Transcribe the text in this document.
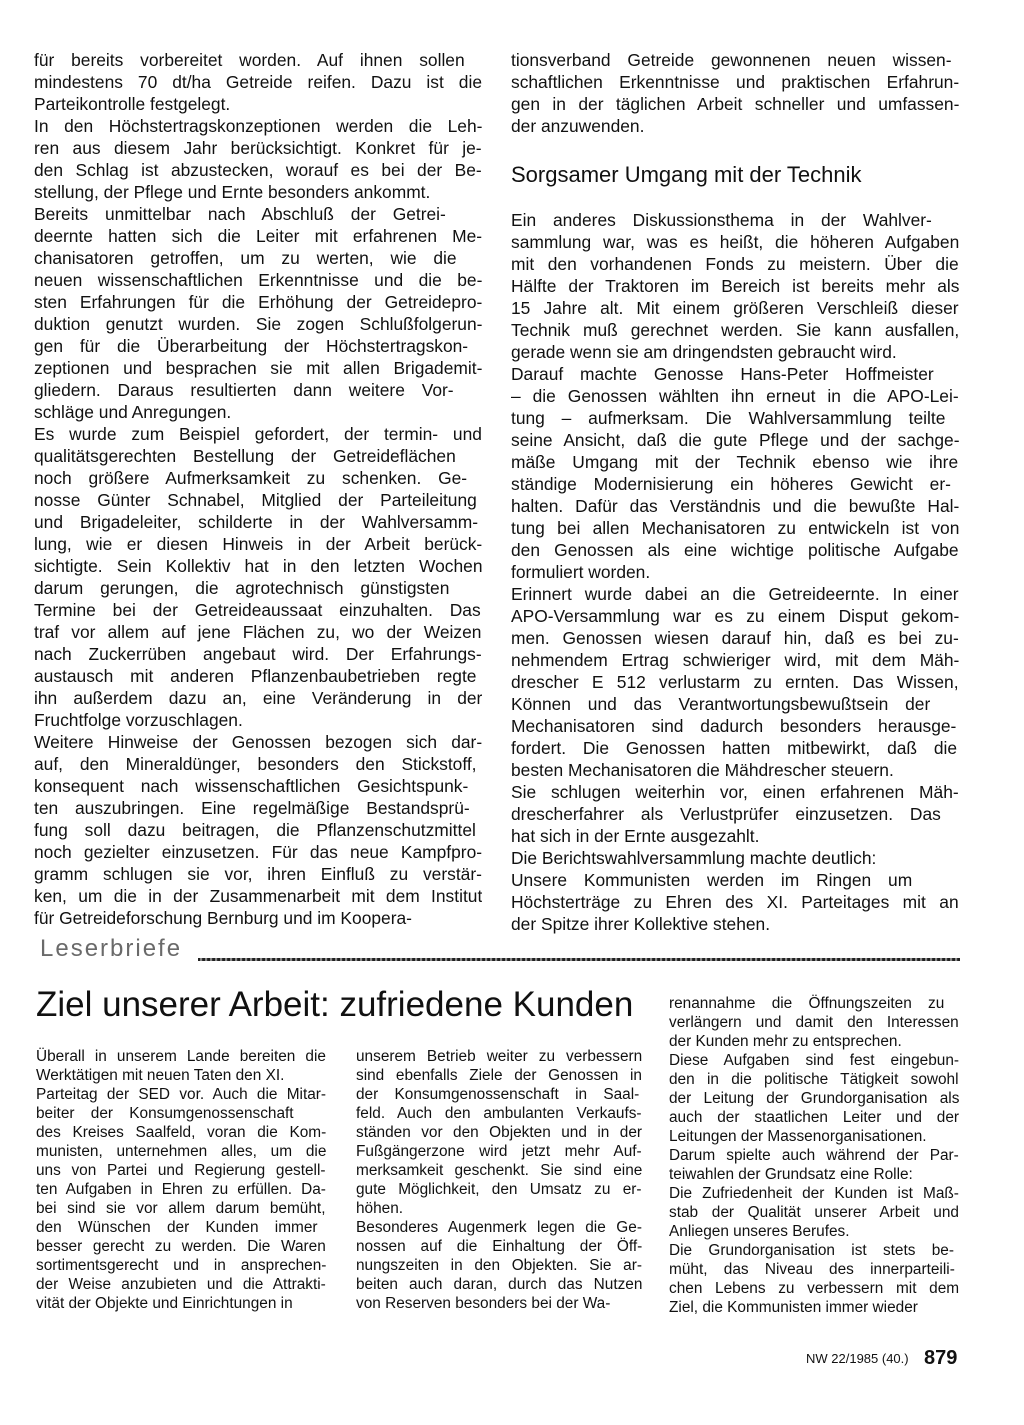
für bereits vorbereitet worden. Auf ihnen sollen
mindestens 70 dt/ha Getreide reifen. Dazu ist die
Parteikontrolle festgelegt.
In den Höchstertragskonzeptionen werden die Leh-
ren aus diesem Jahr berücksichtigt. Konkret für je-
den Schlag ist abzustecken, worauf es bei der Be-
stellung, der Pflege und Ernte besonders ankommt.
Bereits unmittelbar nach Abschluß der Getrei-
deernte hatten sich die Leiter mit erfahrenen Me-
chanisatoren getroffen, um zu werten, wie die
neuen wissenschaftlichen Erkenntnisse und die be-
sten Erfahrungen für die Erhöhung der Getreidepro-
duktion genutzt wurden. Sie zogen Schlußfolgerun-
gen für die Überarbeitung der Höchstertragskon-
zeptionen und besprachen sie mit allen Brigademit-
gliedern. Daraus resultierten dann weitere Vor-
schläge und Anregungen.
Es wurde zum Beispiel gefordert, der termin- und
qualitätsgerechten Bestellung der Getreideflächen
noch größere Aufmerksamkeit zu schenken. Ge-
nosse Günter Schnabel, Mitglied der Parteileitung
und Brigadeleiter, schilderte in der Wahlversamm-
lung, wie er diesen Hinweis in der Arbeit berück-
sichtigte. Sein Kollektiv hat in den letzten Wochen
darum gerungen, die agrotechnisch günstigsten
Termine bei der Getreideaussaat einzuhalten. Das
traf vor allem auf jene Flächen zu, wo der Weizen
nach Zuckerrüben angebaut wird. Der Erfahrungs-
austausch mit anderen Pflanzenbaubetrieben regte
ihn außerdem dazu an, eine Veränderung in der
Fruchtfolge vorzuschlagen.
Weitere Hinweise der Genossen bezogen sich dar-
auf, den Mineraldünger, besonders den Stickstoff,
konsequent nach wissenschaftlichen Gesichtspunk-
ten auszubringen. Eine regelmäßige Bestandsprü-
fung soll dazu beitragen, die Pflanzenschutzmittel
noch gezielter einzusetzen. Für das neue Kampfpro-
gramm schlugen sie vor, ihren Einfluß zu verstär-
ken, um die in der Zusammenarbeit mit dem Institut
für Getreideforschung Bernburg und im Koopera-
tionsverband Getreide gewonnenen neuen wissen-
schaftlichen Erkenntnisse und praktischen Erfahrun-
gen in der täglichen Arbeit schneller und umfassen-
der anzuwenden.
Sorgsamer Umgang mit der Technik
Ein anderes Diskussionsthema in der Wahlver-
sammlung war, was es heißt, die höheren Aufgaben
mit den vorhandenen Fonds zu meistern. Über die
Hälfte der Traktoren im Bereich ist bereits mehr als
15 Jahre alt. Mit einem größeren Verschleiß dieser
Technik muß gerechnet werden. Sie kann ausfallen,
gerade wenn sie am dringendsten gebraucht wird.
Darauf machte Genosse Hans-Peter Hoffmeister
– die Genossen wählten ihn erneut in die APO-Lei-
tung – aufmerksam. Die Wahlversammlung teilte
seine Ansicht, daß die gute Pflege und der sachge-
mäße Umgang mit der Technik ebenso wie ihre
ständige Modernisierung ein höheres Gewicht er-
halten. Dafür das Verständnis und die bewußte Hal-
tung bei allen Mechanisatoren zu entwickeln ist von
den Genossen als eine wichtige politische Aufgabe
formuliert worden.
Erinnert wurde dabei an die Getreideernte. In einer
APO-Versammlung war es zu einem Disput gekom-
men. Genossen wiesen darauf hin, daß es bei zu-
nehmendem Ertrag schwieriger wird, mit dem Mäh-
drescher E 512 verlustarm zu ernten. Das Wissen,
Können und das Verantwortungsbewußtsein der
Mechanisatoren sind dadurch besonders herausge-
fordert. Die Genossen hatten mitbewirkt, daß die
besten Mechanisatoren die Mähdrescher steuern.
Sie schlugen weiterhin vor, einen erfahrenen Mäh-
drescherfahrer als Verlustprüfer einzusetzen. Das
hat sich in der Ernte ausgezahlt.
Die Berichtswahlversammlung machte deutlich:
Unsere Kommunisten werden im Ringen um
Höchsterträge zu Ehren des XI. Parteitages mit an
der Spitze ihrer Kollektive stehen.
Leserbriefe
Ziel unserer Arbeit: zufriedene Kunden
Überall in unserem Lande bereiten die
Werktätigen mit neuen Taten den XI.
Parteitag der SED vor. Auch die Mitar-
beiter der Konsumgenossenschaft
des Kreises Saalfeld, voran die Kom-
munisten, unternehmen alles, um die
uns von Partei und Regierung gestell-
ten Aufgaben in Ehren zu erfüllen. Da-
bei sind sie vor allem darum bemüht,
den Wünschen der Kunden immer
besser gerecht zu werden. Die Waren
sortimentsgerecht und in ansprechen-
der Weise anzubieten und die Attrakti-
vität der Objekte und Einrichtungen in
unserem Betrieb weiter zu verbessern
sind ebenfalls Ziele der Genossen in
der Konsumgenossenschaft in Saal-
feld. Auch den ambulanten Verkaufs-
ständen vor den Objekten und in der
Fußgängerzone wird jetzt mehr Auf-
merksamkeit geschenkt. Sie sind eine
gute Möglichkeit, den Umsatz zu er-
höhen.
Besonderes Augenmerk legen die Ge-
nossen auf die Einhaltung der Öff-
nungszeiten in den Objekten. Sie ar-
beiten auch daran, durch das Nutzen
von Reserven besonders bei der Wa-
renannahme die Öffnungszeiten zu
verlängern und damit den Interessen
der Kunden mehr zu entsprechen.
Diese Aufgaben sind fest eingebun-
den in die politische Tätigkeit sowohl
der Leitung der Grundorganisation als
auch der staatlichen Leiter und der
Leitungen der Massenorganisationen.
Darum spielte auch während der Par-
teiwahlen der Grundsatz eine Rolle:
Die Zufriedenheit der Kunden ist Maß-
stab der Qualität unserer Arbeit und
Anliegen unseres Berufes.
Die Grundorganisation ist stets be-
müht, das Niveau des innerparteili-
chen Lebens zu verbessern mit dem
Ziel, die Kommunisten immer wieder
NW 22/1985 (40.) 879
